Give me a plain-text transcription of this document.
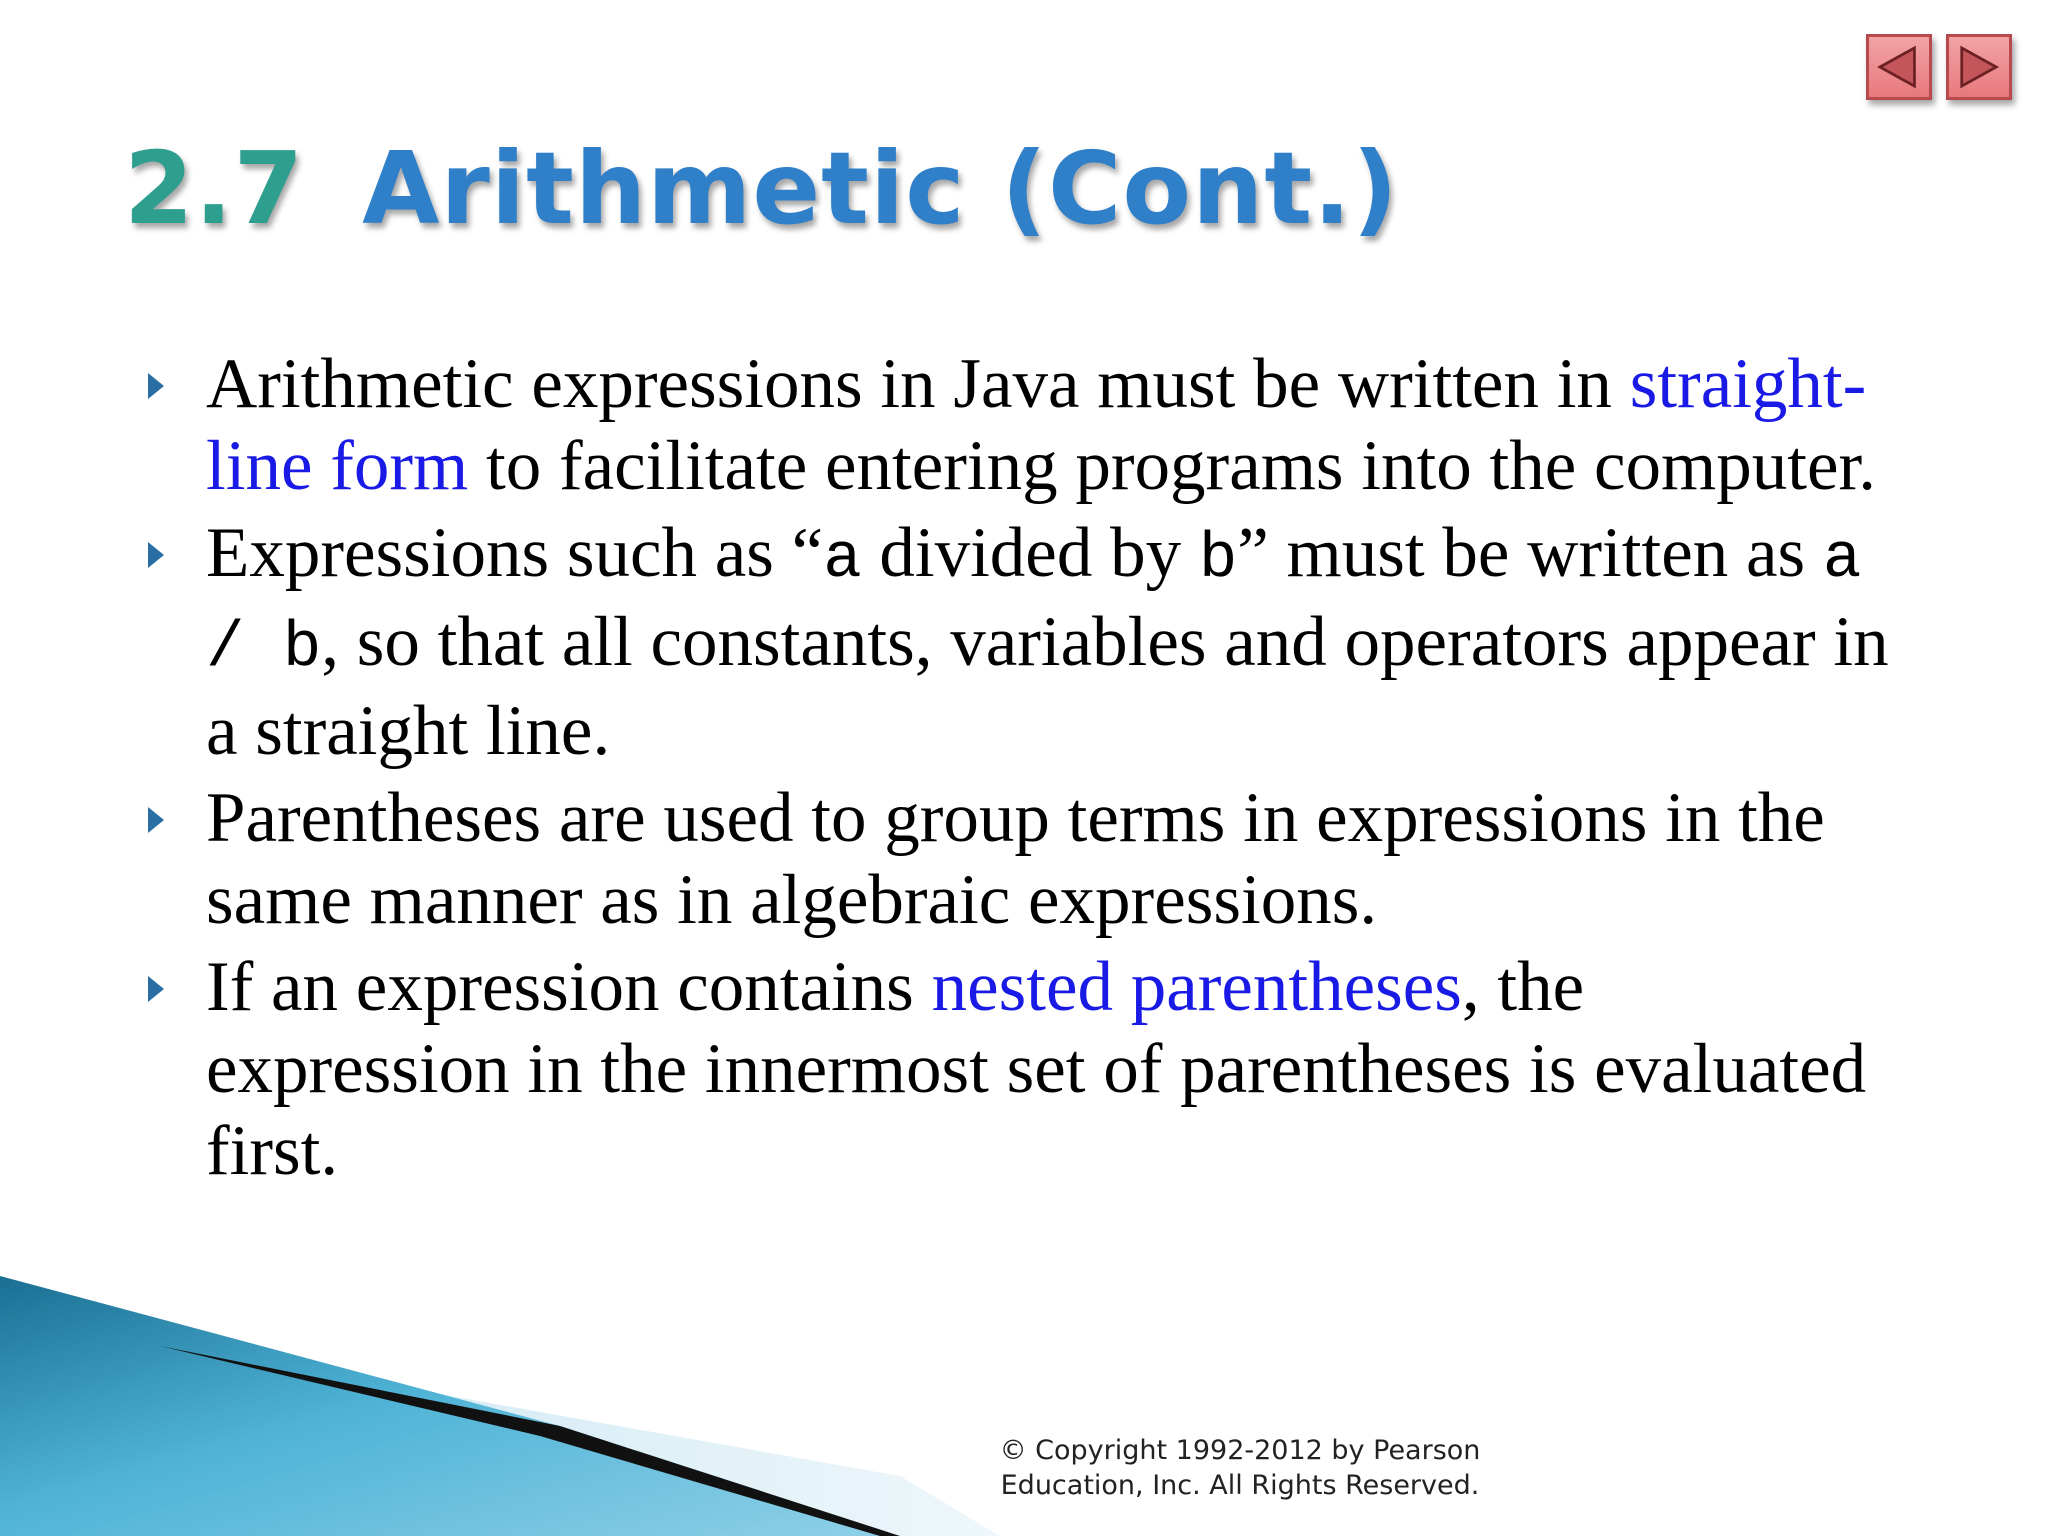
2.7 Arithmetic (Cont.)
Arithmetic expressions in Java must be written in straight-line form to facilitate entering programs into the computer.
Expressions such as “a divided by b” must be written as a / b, so that all constants, variables and operators appear in a straight line.
Parentheses are used to group terms in expressions in the same manner as in algebraic expressions.
If an expression contains nested parentheses, the expression in the innermost set of parentheses is evaluated first.
© Copyright 1992-2012 by Pearson
Education, Inc. All Rights Reserved.
